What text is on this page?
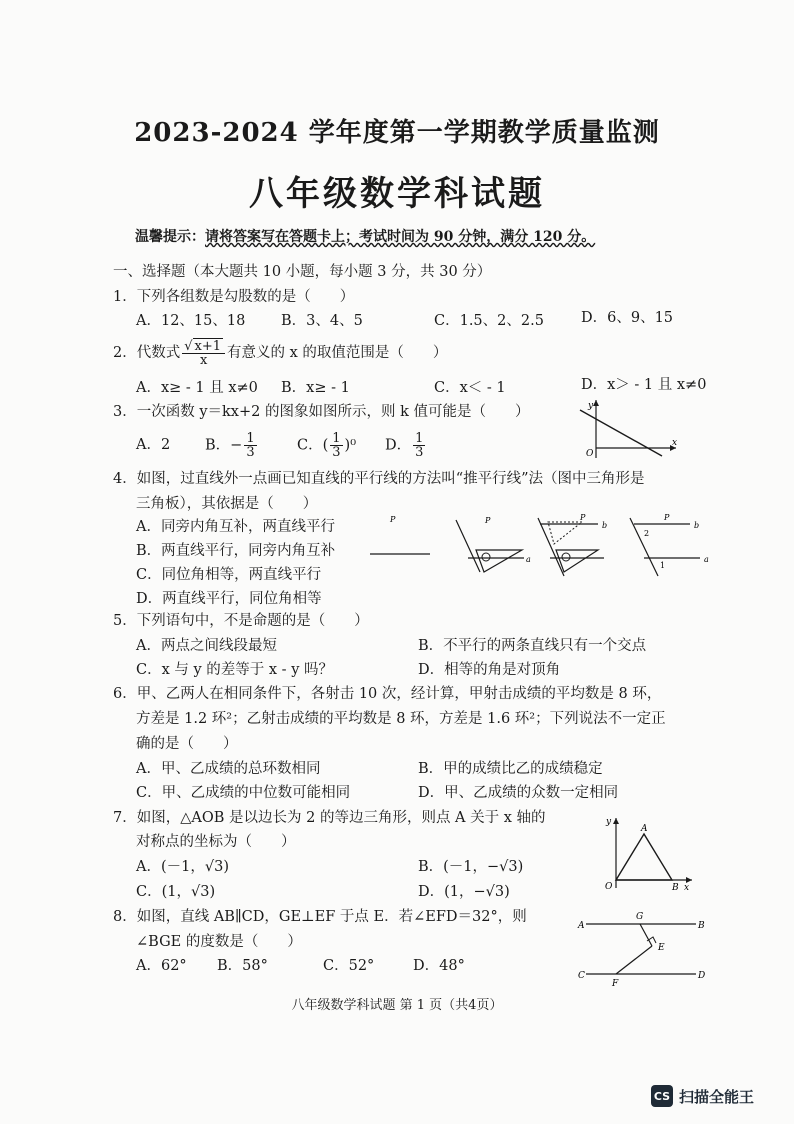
2023-2024 学年度第一学期教学质量监测
八年级数学科试题
温馨提示：请将答案写在答题卡上；考试时间为 90 分钟，满分 120 分。
一、选择题（本大题共 10 小题，每小题 3 分，共 30 分）
1．下列各组数是勾股数的是（　　）
A．12、15、18 B．3、4、5	C．1.5、2、2.5	D．6、9、15
2．代数式 $\frac{√ x+1}{x}$ 有意义的 x 的取值范围是（　　）
A．x≥ - 1 且 x≠0 B．x≥ - 1	C．x＜ - 1	D．x＞ - 1 且 x≠0
3．一次函数 y＝kx+2 的图象如图所示，则 k 值可能是（　　）
A．2 B．− $\frac{1}{3}$	C．( $\frac{1}{3} )^0$ D． $\frac{1}{3}$
y
x
O
4．如图，过直线外一点画已知直线的平行线的方法叫“推平行线”法（图中三角形是
三角板），其依据是（　　）
A．同旁内角互补，两直线平行
B．两直线平行，同旁内角互补
C．同位角相等，两直线平行
D．两直线平行，同位角相等
P	P
a
P
b
2
1
P
b
a
5．下列语句中，不是命题的是（　　）
A．两点之间线段最短	B．不平行的两条直线只有一个交点
C．x 与 y 的差等于 x - y 吗？	D．相等的角是对顶角
6．甲、乙两人在相同条件下，各射击 10 次，经计算，甲射击成绩的平均数是 8 环，
方差是 1.2 环²；乙射击成绩的平均数是 8 环，方差是 1.6 环²；下列说法不一定正
确的是（　　）
A．甲、乙成绩的总环数相同	B．甲的成绩比乙的成绩稳定
C．甲、乙成绩的中位数可能相同	D．甲、乙成绩的众数一定相同
7．如图，△AOB 是以边长为 2 的等边三角形，则点 A 关于 x 轴的
对称点的坐标为（　　）
A．(－1，√3)	B．(－1，−√3)
C．(1，√3)	D．(1，−√3)
y
A
O	B x
8．如图，直线 AB∥CD，GE⊥EF 于点 E．若∠EFD＝32°，则
∠BGE 的度数是（　　）
A．62° B．58°	C．52°	D．48°
A
G
B
E
C
F
D
八年级数学科试题 第 1 页（共4页）
CS 扫描全能王
